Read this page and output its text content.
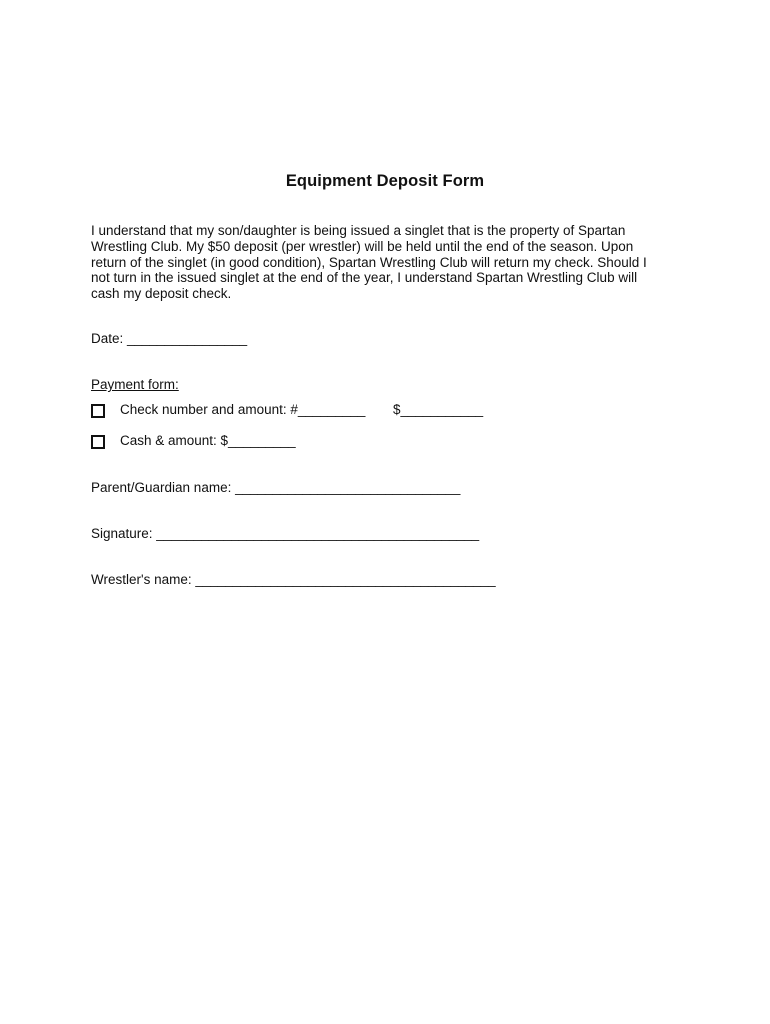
Equipment Deposit Form

I understand that my son/daughter is being issued a singlet that is the property of Spartan
Wrestling Club. My $50 deposit (per wrestler) will be held until the end of the season. Upon
return of the singlet (in good condition), Spartan Wrestling Club will return my check. Should I
not turn in the issued singlet at the end of the year, I understand Spartan Wrestling Club will
cash my deposit check.

Date: ________________
Payment form:
Check number and amount: #_________ $___________
Cash & amount: $_________
Parent/Guardian name: ______________________________
Signature: ___________________________________________
Wrestler's name: ________________________________________
